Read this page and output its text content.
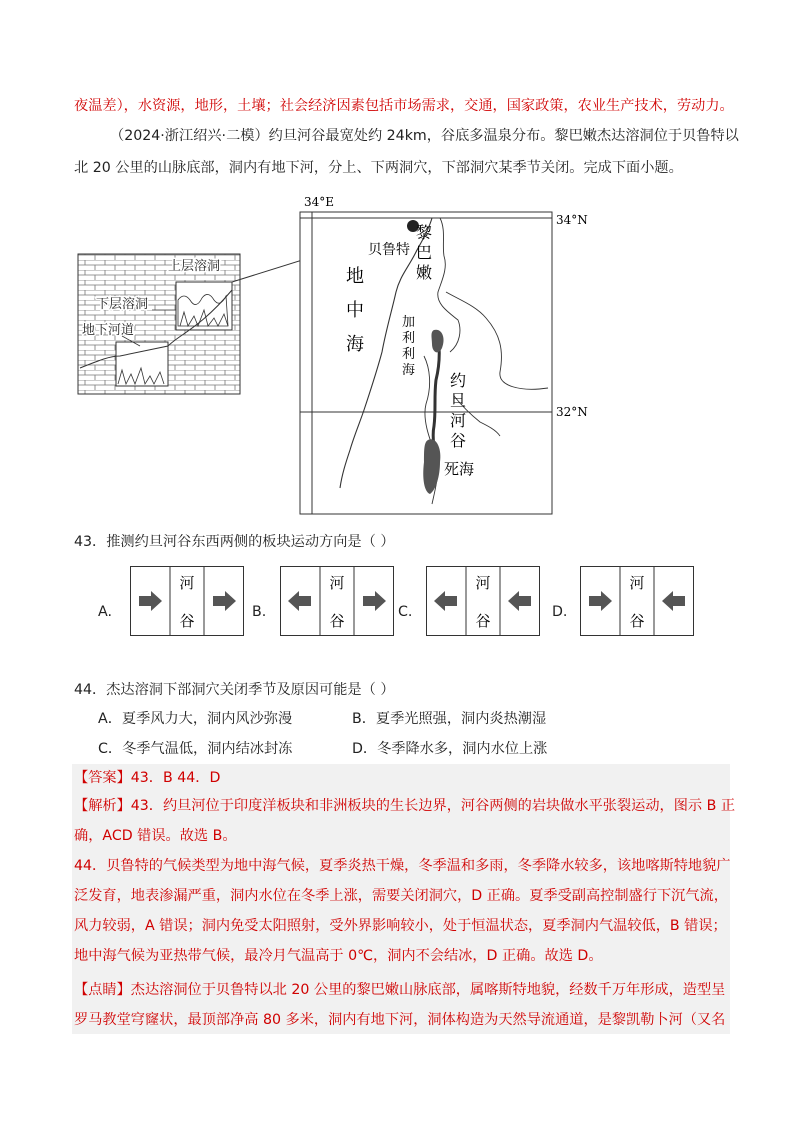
夜温差），水资源，地形，土壤；社会经济因素包括市场需求，交通，国家政策，农业生产技术，劳动力。
（2024·浙江绍兴·二模）约旦河谷最宽处约 24km，谷底多温泉分布。黎巴嫩杰达溶洞位于贝鲁特以
北 20 公里的山脉底部，洞内有地下河，分上、下两洞穴，下部洞穴某季节关闭。完成下面小题。
上层溶洞
下层溶洞
地下河道
34°E
34°N
32°N
地
中
海
贝鲁特
黎
巴
嫩
加
利
利
海
约
旦
河
谷
死海
43．推测约旦河谷东西两侧的板块运动方向是（ ）
A.
河
谷	B.
河
谷	C.
河
谷	D.
河
谷
44．杰达溶洞下部洞穴关闭季节及原因可能是（ ）
A．夏季风力大，洞内风沙弥漫	B．夏季光照强，洞内炎热潮湿
C．冬季气温低，洞内结冰封冻	D．冬季降水多，洞内水位上涨
【答案】43．B 44．D
【解析】43．约旦河位于印度洋板块和非洲板块的生长边界，河谷两侧的岩块做水平张裂运动，图示 B 正
确，ACD 错误。故选 B。
44．贝鲁特的气候类型为地中海气候，夏季炎热干燥，冬季温和多雨，冬季降水较多，该地喀斯特地貌广
泛发育，地表渗漏严重，洞内水位在冬季上涨，需要关闭洞穴，D 正确。夏季受副高控制盛行下沉气流，
风力较弱，A 错误；洞内免受太阳照射，受外界影响较小，处于恒温状态，夏季洞内气温较低，B 错误；
地中海气候为亚热带气候，最冷月气温高于 0℃，洞内不会结冰，D 正确。故选 D。
【点睛】杰达溶洞位于贝鲁特以北 20 公里的黎巴嫩山脉底部，属喀斯特地貌，经数千万年形成，造型呈
罗马教堂穹窿状，最顶部净高 80 多米，洞内有地下河，洞体构造为天然导流通道，是黎凯勒卜河（又名
